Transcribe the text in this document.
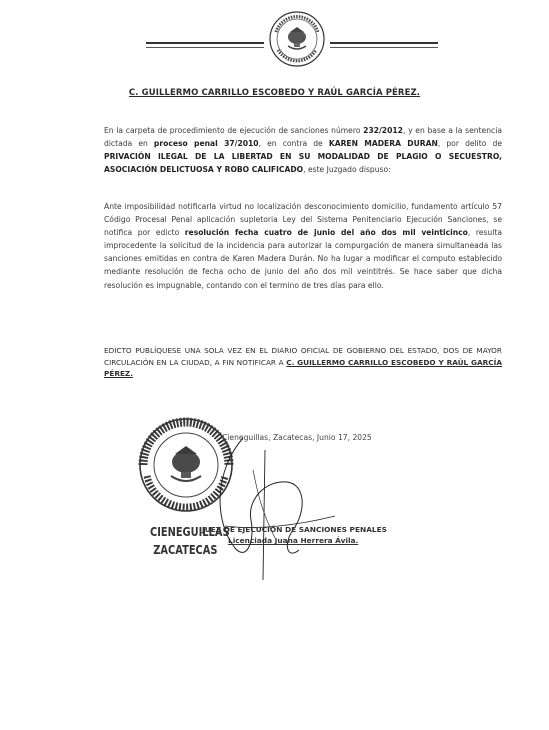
C. GUILLERMO CARRILLO ESCOBEDO Y RAÚL GARCÍA PÉREZ.
En la carpeta de procedimiento de ejecución de sanciones número 232/2012, y en base a la sentencia dictada en proceso penal 37/2010, en contra de KAREN MADERA DURAN, por delito de PRIVACIÓN ILEGAL DE LA LIBERTAD EN SU MODALIDAD DE PLAGIO O SECUESTRO, ASOCIACIÓN DELICTUOSA Y ROBO CALIFICADO, este Juzgado dispuso:
Ante imposibilidad notificarla virtud no localización desconocimiento domicilio, fundamento artículo 57 Código Procesal Penal aplicación supletoria Ley del Sistema Penitenciario Ejecución Sanciones, se notifica por edicto resolución fecha cuatro de junio del año dos mil veinticinco, resulta improcedente la solicitud de la incidencia para autorizar la compurgación de manera simultaneada las sanciones emitidas en contra de Karen Madera Durán. No ha lugar a modificar el computo establecido mediante resolución de fecha ocho de junio del año dos mil veintitrés. Se hace saber que dicha resolución es impugnable, contando con el termino de tres días para ello.
EDICTO PUBLÍQUESE UNA SOLA VEZ EN EL DIARIO OFICIAL DE GOBIERNO DEL ESTADO, DOS DE MAYOR CIRCULACIÓN EN LA CIUDAD, A FIN NOTIFICAR A C. GUILLERMO CARRILLO ESCOBEDO Y RAÚL GARCÍA PÉREZ.
Cieneguillas, Zacatecas, Junio 17, 2025
CIENEGUILLAS
ZACATECAS
JUEZ DE EJECUCIÓN DE SANCIONES PENALES
Licenciada Juana Herrera Ávila.
